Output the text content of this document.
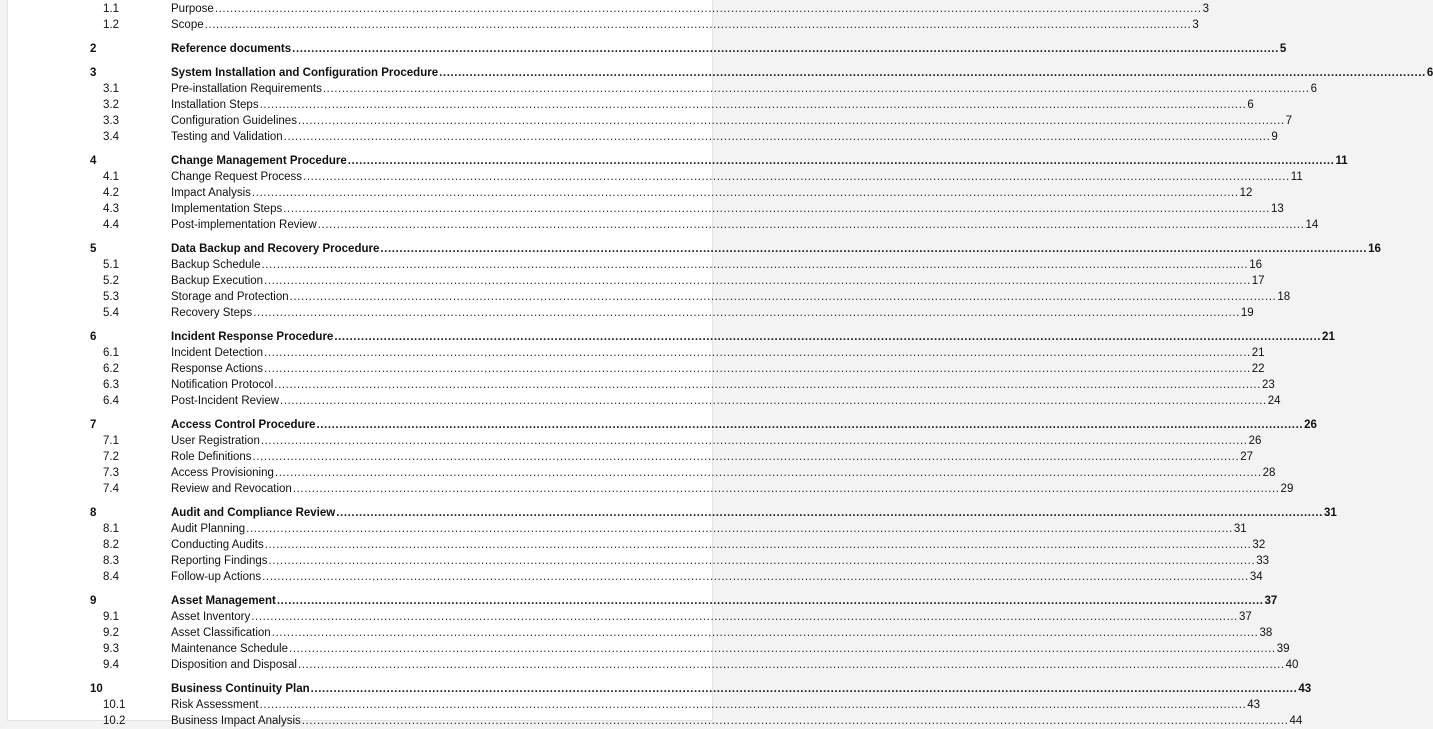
1.1	Purpose .................................................................................................................................................................................................................................................................... 3
1.2	Scope .................................................................................................................................................................................................................................................................... 3
2	Reference documents .................................................................................................................................................................................................................................................................... 5
3	System Installation and Configuration Procedure .................................................................................................................................................................................................................................................................... 6
3.1	Pre-installation Requirements .................................................................................................................................................................................................................................................................... 6
3.2	Installation Steps .................................................................................................................................................................................................................................................................... 6
3.3	Configuration Guidelines .................................................................................................................................................................................................................................................................... 7
3.4	Testing and Validation .................................................................................................................................................................................................................................................................... 9
4	Change Management Procedure .................................................................................................................................................................................................................................................................... 11
4.1	Change Request Process .................................................................................................................................................................................................................................................................... 11
4.2	Impact Analysis .................................................................................................................................................................................................................................................................... 12
4.3	Implementation Steps .................................................................................................................................................................................................................................................................... 13
4.4	Post-implementation Review .................................................................................................................................................................................................................................................................... 14
5	Data Backup and Recovery Procedure .................................................................................................................................................................................................................................................................... 16
5.1	Backup Schedule .................................................................................................................................................................................................................................................................... 16
5.2	Backup Execution .................................................................................................................................................................................................................................................................... 17
5.3	Storage and Protection .................................................................................................................................................................................................................................................................... 18
5.4	Recovery Steps .................................................................................................................................................................................................................................................................... 19
6	Incident Response Procedure .................................................................................................................................................................................................................................................................... 21
6.1	Incident Detection .................................................................................................................................................................................................................................................................... 21
6.2	Response Actions .................................................................................................................................................................................................................................................................... 22
6.3	Notification Protocol .................................................................................................................................................................................................................................................................... 23
6.4	Post-Incident Review .................................................................................................................................................................................................................................................................... 24
7	Access Control Procedure .................................................................................................................................................................................................................................................................... 26
7.1	User Registration .................................................................................................................................................................................................................................................................... 26
7.2	Role Definitions .................................................................................................................................................................................................................................................................... 27
7.3	Access Provisioning .................................................................................................................................................................................................................................................................... 28
7.4	Review and Revocation .................................................................................................................................................................................................................................................................... 29
8	Audit and Compliance Review .................................................................................................................................................................................................................................................................... 31
8.1	Audit Planning .................................................................................................................................................................................................................................................................... 31
8.2	Conducting Audits .................................................................................................................................................................................................................................................................... 32
8.3	Reporting Findings .................................................................................................................................................................................................................................................................... 33
8.4	Follow-up Actions .................................................................................................................................................................................................................................................................... 34
9	Asset Management .................................................................................................................................................................................................................................................................... 37
9.1	Asset Inventory .................................................................................................................................................................................................................................................................... 37
9.2	Asset Classification .................................................................................................................................................................................................................................................................... 38
9.3	Maintenance Schedule .................................................................................................................................................................................................................................................................... 39
9.4	Disposition and Disposal .................................................................................................................................................................................................................................................................... 40
10	Business Continuity Plan .................................................................................................................................................................................................................................................................... 43
10.1	Risk Assessment .................................................................................................................................................................................................................................................................... 43
10.2	Business Impact Analysis .................................................................................................................................................................................................................................................................... 44
